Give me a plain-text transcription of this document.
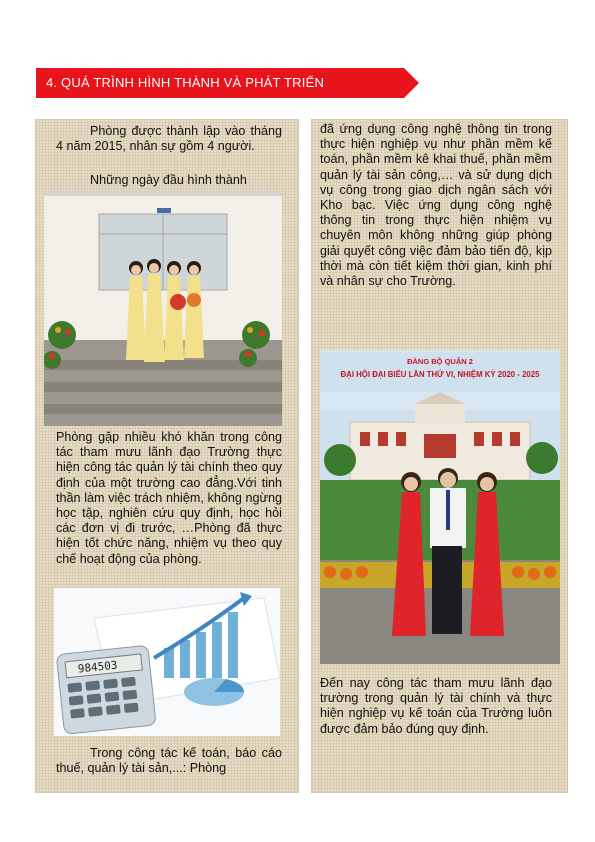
4. QUÁ TRÌNH HÌNH THÀNH VÀ PHÁT TRIỂN
Phòng được thành lập vào tháng 4 năm 2015, nhân sự gồm 4 người.
Những ngày đầu hình thành
Phòng gặp nhiều khó khăn trong công tác tham mưu lãnh đạo Trường thực hiện công tác quản lý tài chính theo quy định của một trường cao đẳng.Với tinh thần làm việc trách nhiệm, không ngừng học tập, nghiên cứu quy định, học hỏi các đơn vị đi trước, …Phòng đã thực hiện tốt chức năng, nhiệm vụ theo quy chế hoạt động của phòng.
984503
Trong công tác kế toán, báo cáo thuế, quản lý tài sản,...: Phòng
đã ứng dụng công nghệ thông tin trong thực hiện nghiệp vụ như phần mềm kế toán, phần mềm kê khai thuế, phần mềm quản lý tài sản công,… và sử dụng dịch vụ công trong giao dịch ngân sách với Kho bạc. Việc ứng dụng công nghệ thông tin trong thực hiện nhiệm vụ chuyên môn không những giúp phòng giải quyết công việc đảm bảo tiến độ, kịp thời mà còn tiết kiệm thời gian, kinh phí và nhân sự cho Trường.
ĐẢNG BỘ QUẬN 2
ĐẠI HỘI ĐẠI BIỂU LẦN THỨ VI, NHIỆM KỲ 2020 - 2025
Đến nay công tác tham mưu lãnh đạo trường trong quản lý tài chính và thực hiện nghiệp vụ kế toán của Trường luôn được đảm bảo đúng quy định.
